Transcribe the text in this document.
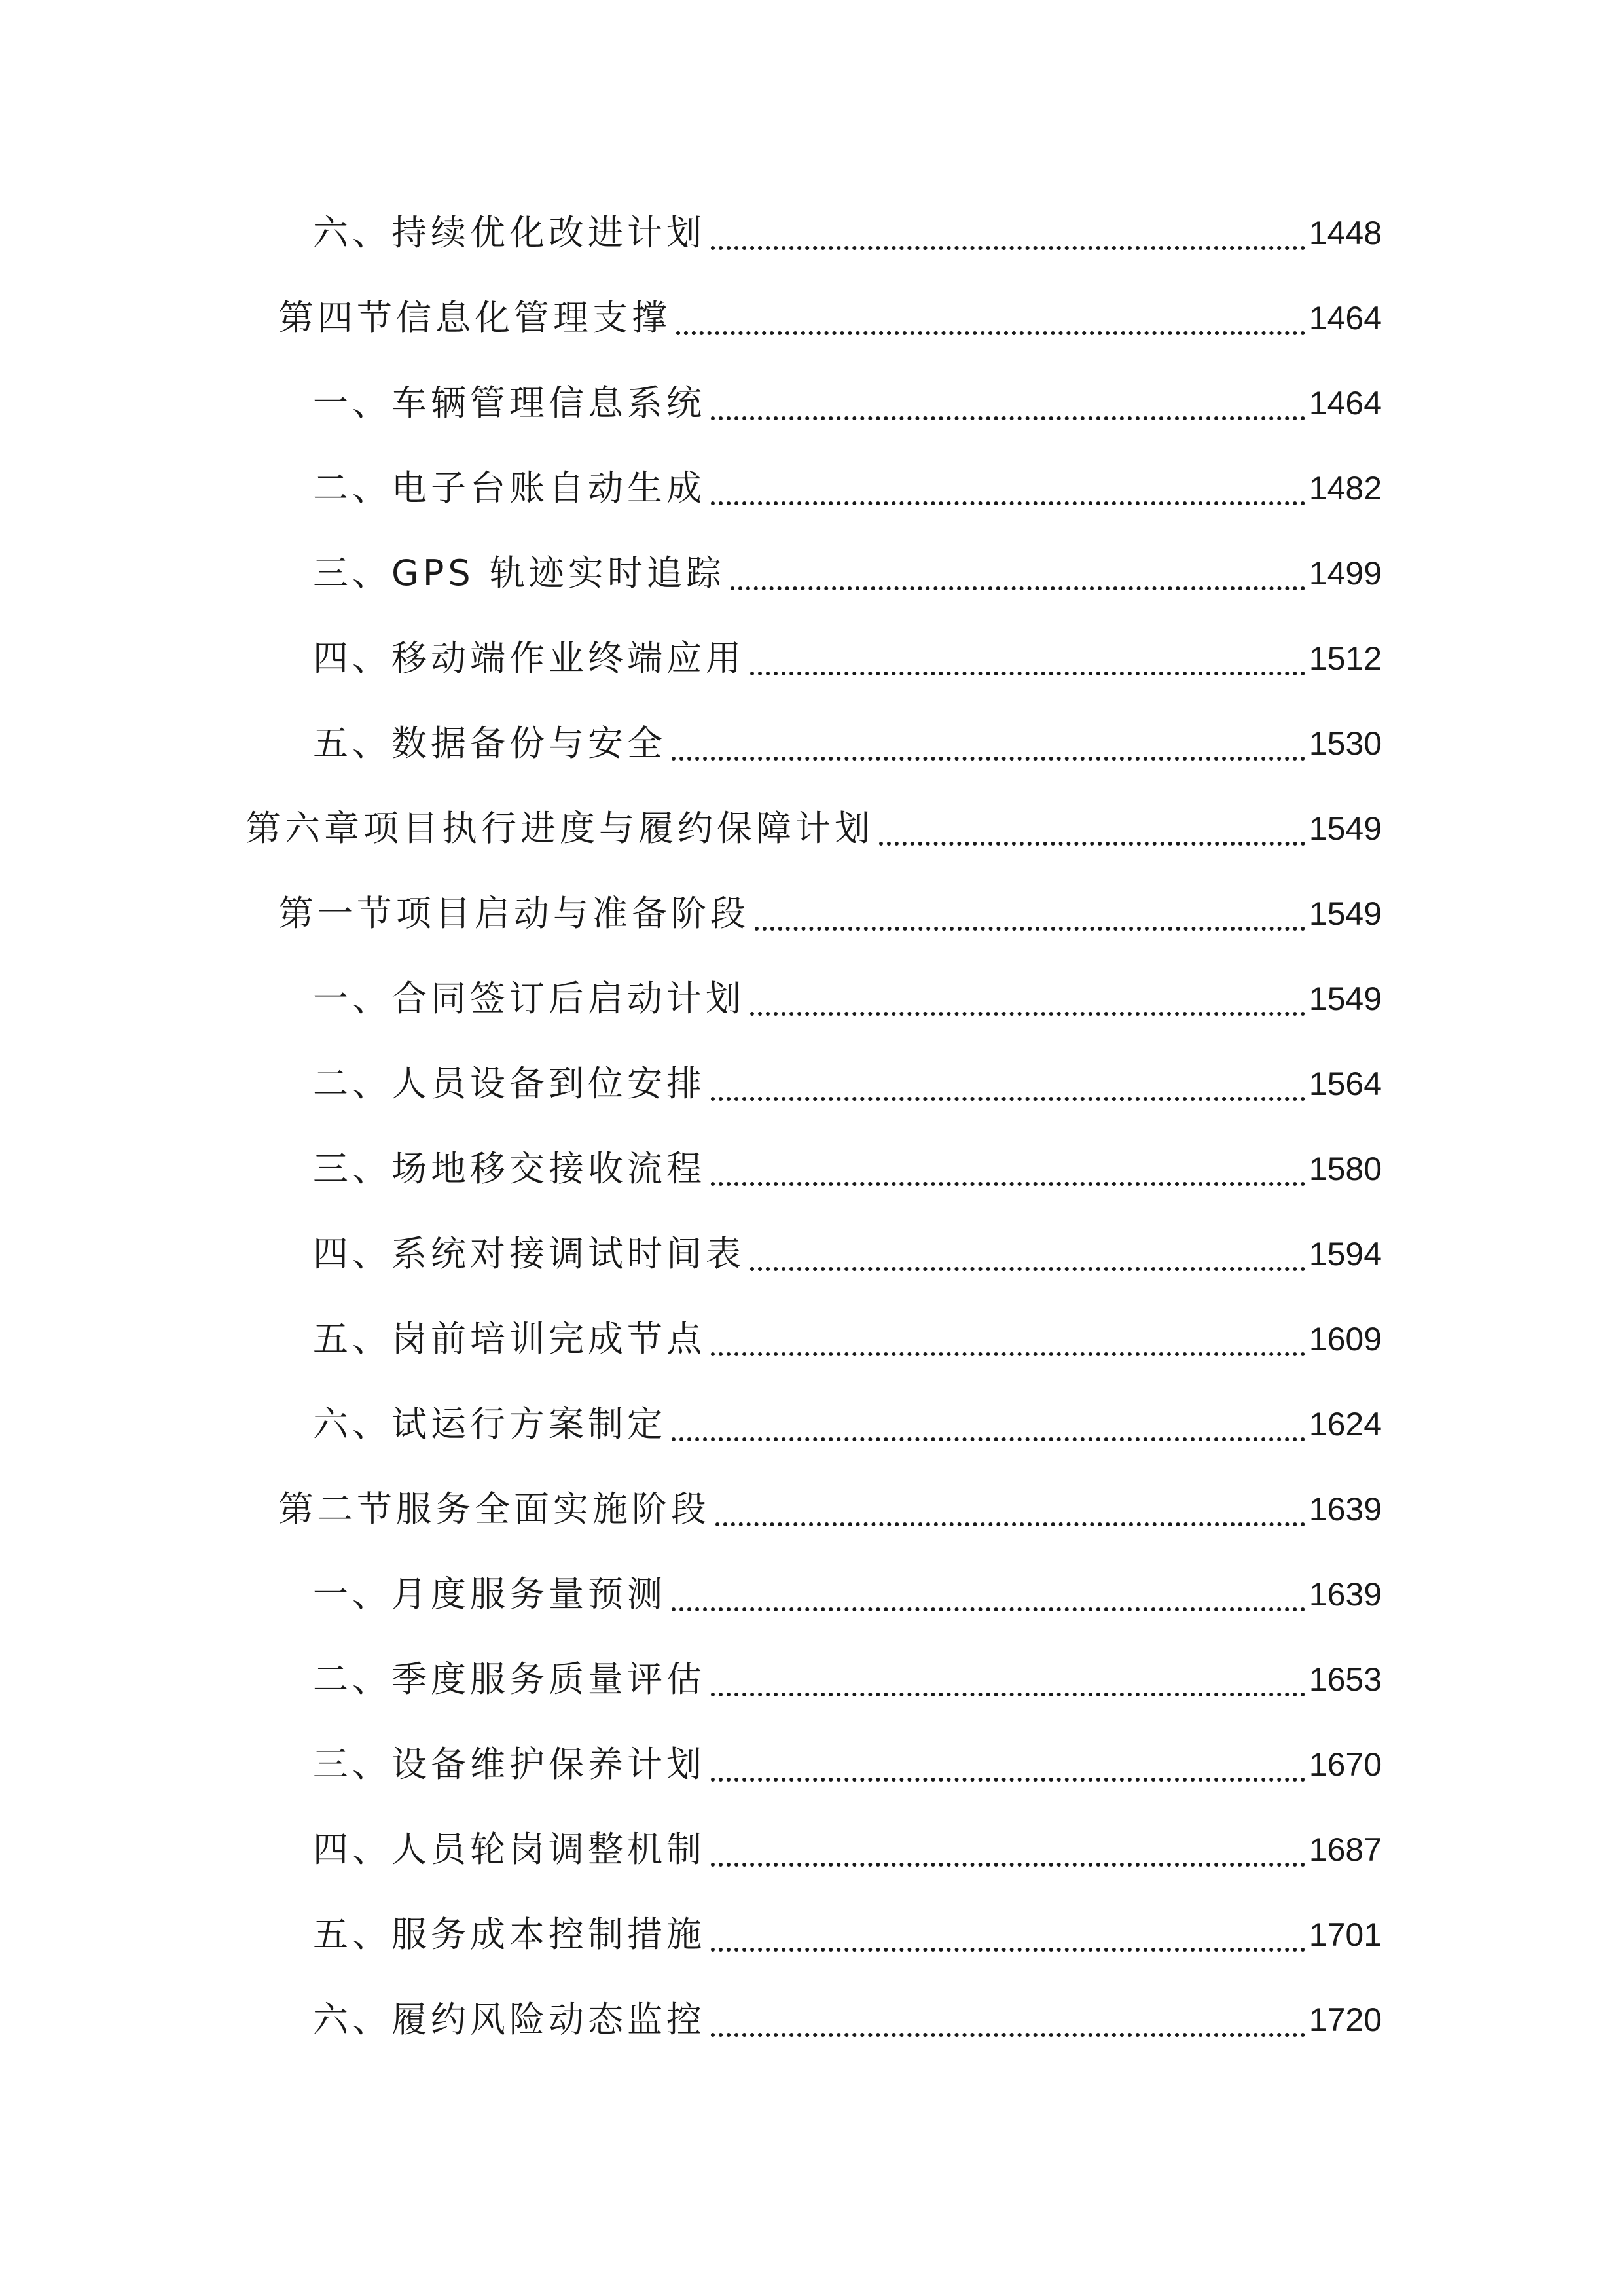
六、持续优化改进计划	1448
第四节信息化管理支撑	1464
一、车辆管理信息系统	1464
二、电子台账自动生成	1482
三、GPS 轨迹实时追踪	1499
四、移动端作业终端应用	1512
五、数据备份与安全	1530
第六章项目执行进度与履约保障计划	1549
第一节项目启动与准备阶段	1549
一、合同签订后启动计划	1549
二、人员设备到位安排	1564
三、场地移交接收流程	1580
四、系统对接调试时间表	1594
五、岗前培训完成节点	1609
六、试运行方案制定	1624
第二节服务全面实施阶段	1639
一、月度服务量预测	1639
二、季度服务质量评估	1653
三、设备维护保养计划	1670
四、人员轮岗调整机制	1687
五、服务成本控制措施	1701
六、履约风险动态监控	1720
